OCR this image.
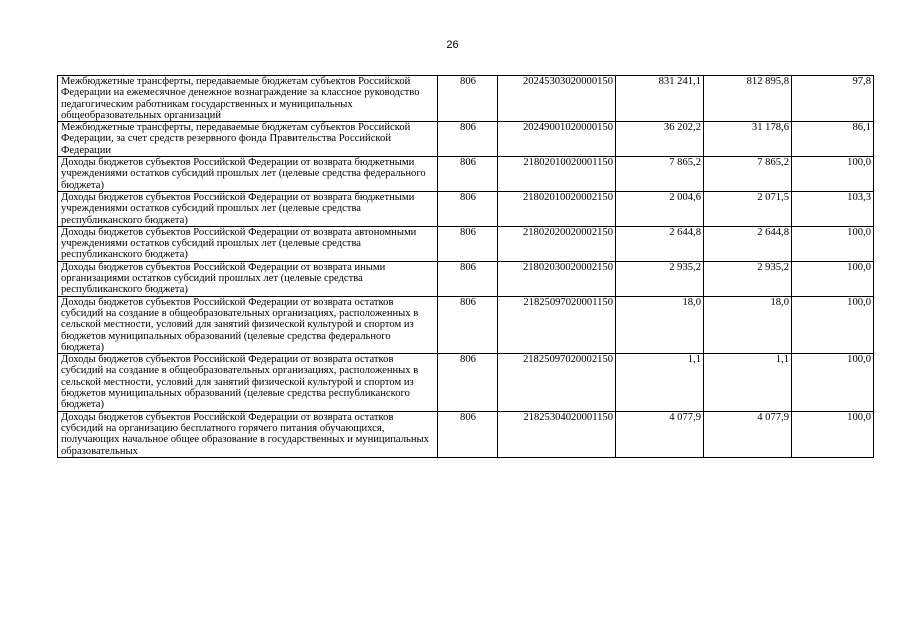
26
Межбюджетные трансферты, передаваемые бюджетам субъектов Российской Федерации на ежемесячное денежное вознаграждение за классное руководство педагогическим работникам государственных и муниципальных общеобразовательных организаций	806	20245303020000150	831 241,1	812 895,8	97,8
Межбюджетные трансферты, передаваемые бюджетам субъектов Российской Федерации, за счет средств резервного фонда Правительства Российской Федерации	806	20249001020000150	36 202,2	31 178,6	86,1
Доходы бюджетов субъектов Российской Федерации от возврата бюджетными учреждениями остатков субсидий прошлых лет (целевые средства федерального бюджета)	806	21802010020001150	7 865,2	7 865,2	100,0
Доходы бюджетов субъектов Российской Федерации от возврата бюджетными учреждениями остатков субсидий прошлых лет (целевые средства республиканского бюджета)	806	21802010020002150	2 004,6	2 071,5	103,3
Доходы бюджетов субъектов Российской Федерации от возврата автономными учреждениями остатков субсидий прошлых лет (целевые средства республиканского бюджета)	806	21802020020002150	2 644,8	2 644,8	100,0
Доходы бюджетов субъектов Российской Федерации от возврата иными организациями остатков субсидий прошлых лет (целевые средства республиканского бюджета)	806	21802030020002150	2 935,2	2 935,2	100,0
Доходы бюджетов субъектов Российской Федерации от возврата остатков субсидий на создание в общеобразовательных организациях, расположенных в сельской местности, условий для занятий физической культурой и спортом из бюджетов муниципальных образований (целевые средства федерального бюджета)	806	21825097020001150	18,0	18,0	100,0
Доходы бюджетов субъектов Российской Федерации от возврата остатков субсидий на создание в общеобразовательных организациях, расположенных в сельской местности, условий для занятий физической культурой и спортом из бюджетов муниципальных образований (целевые средства республиканского бюджета)	806	21825097020002150	1,1	1,1	100,0
Доходы бюджетов субъектов Российской Федерации от возврата остатков субсидий на организацию бесплатного горячего питания обучающихся, получающих начальное общее образование в государственных и муниципальных образовательных	806	21825304020001150	4 077,9	4 077,9	100,0
